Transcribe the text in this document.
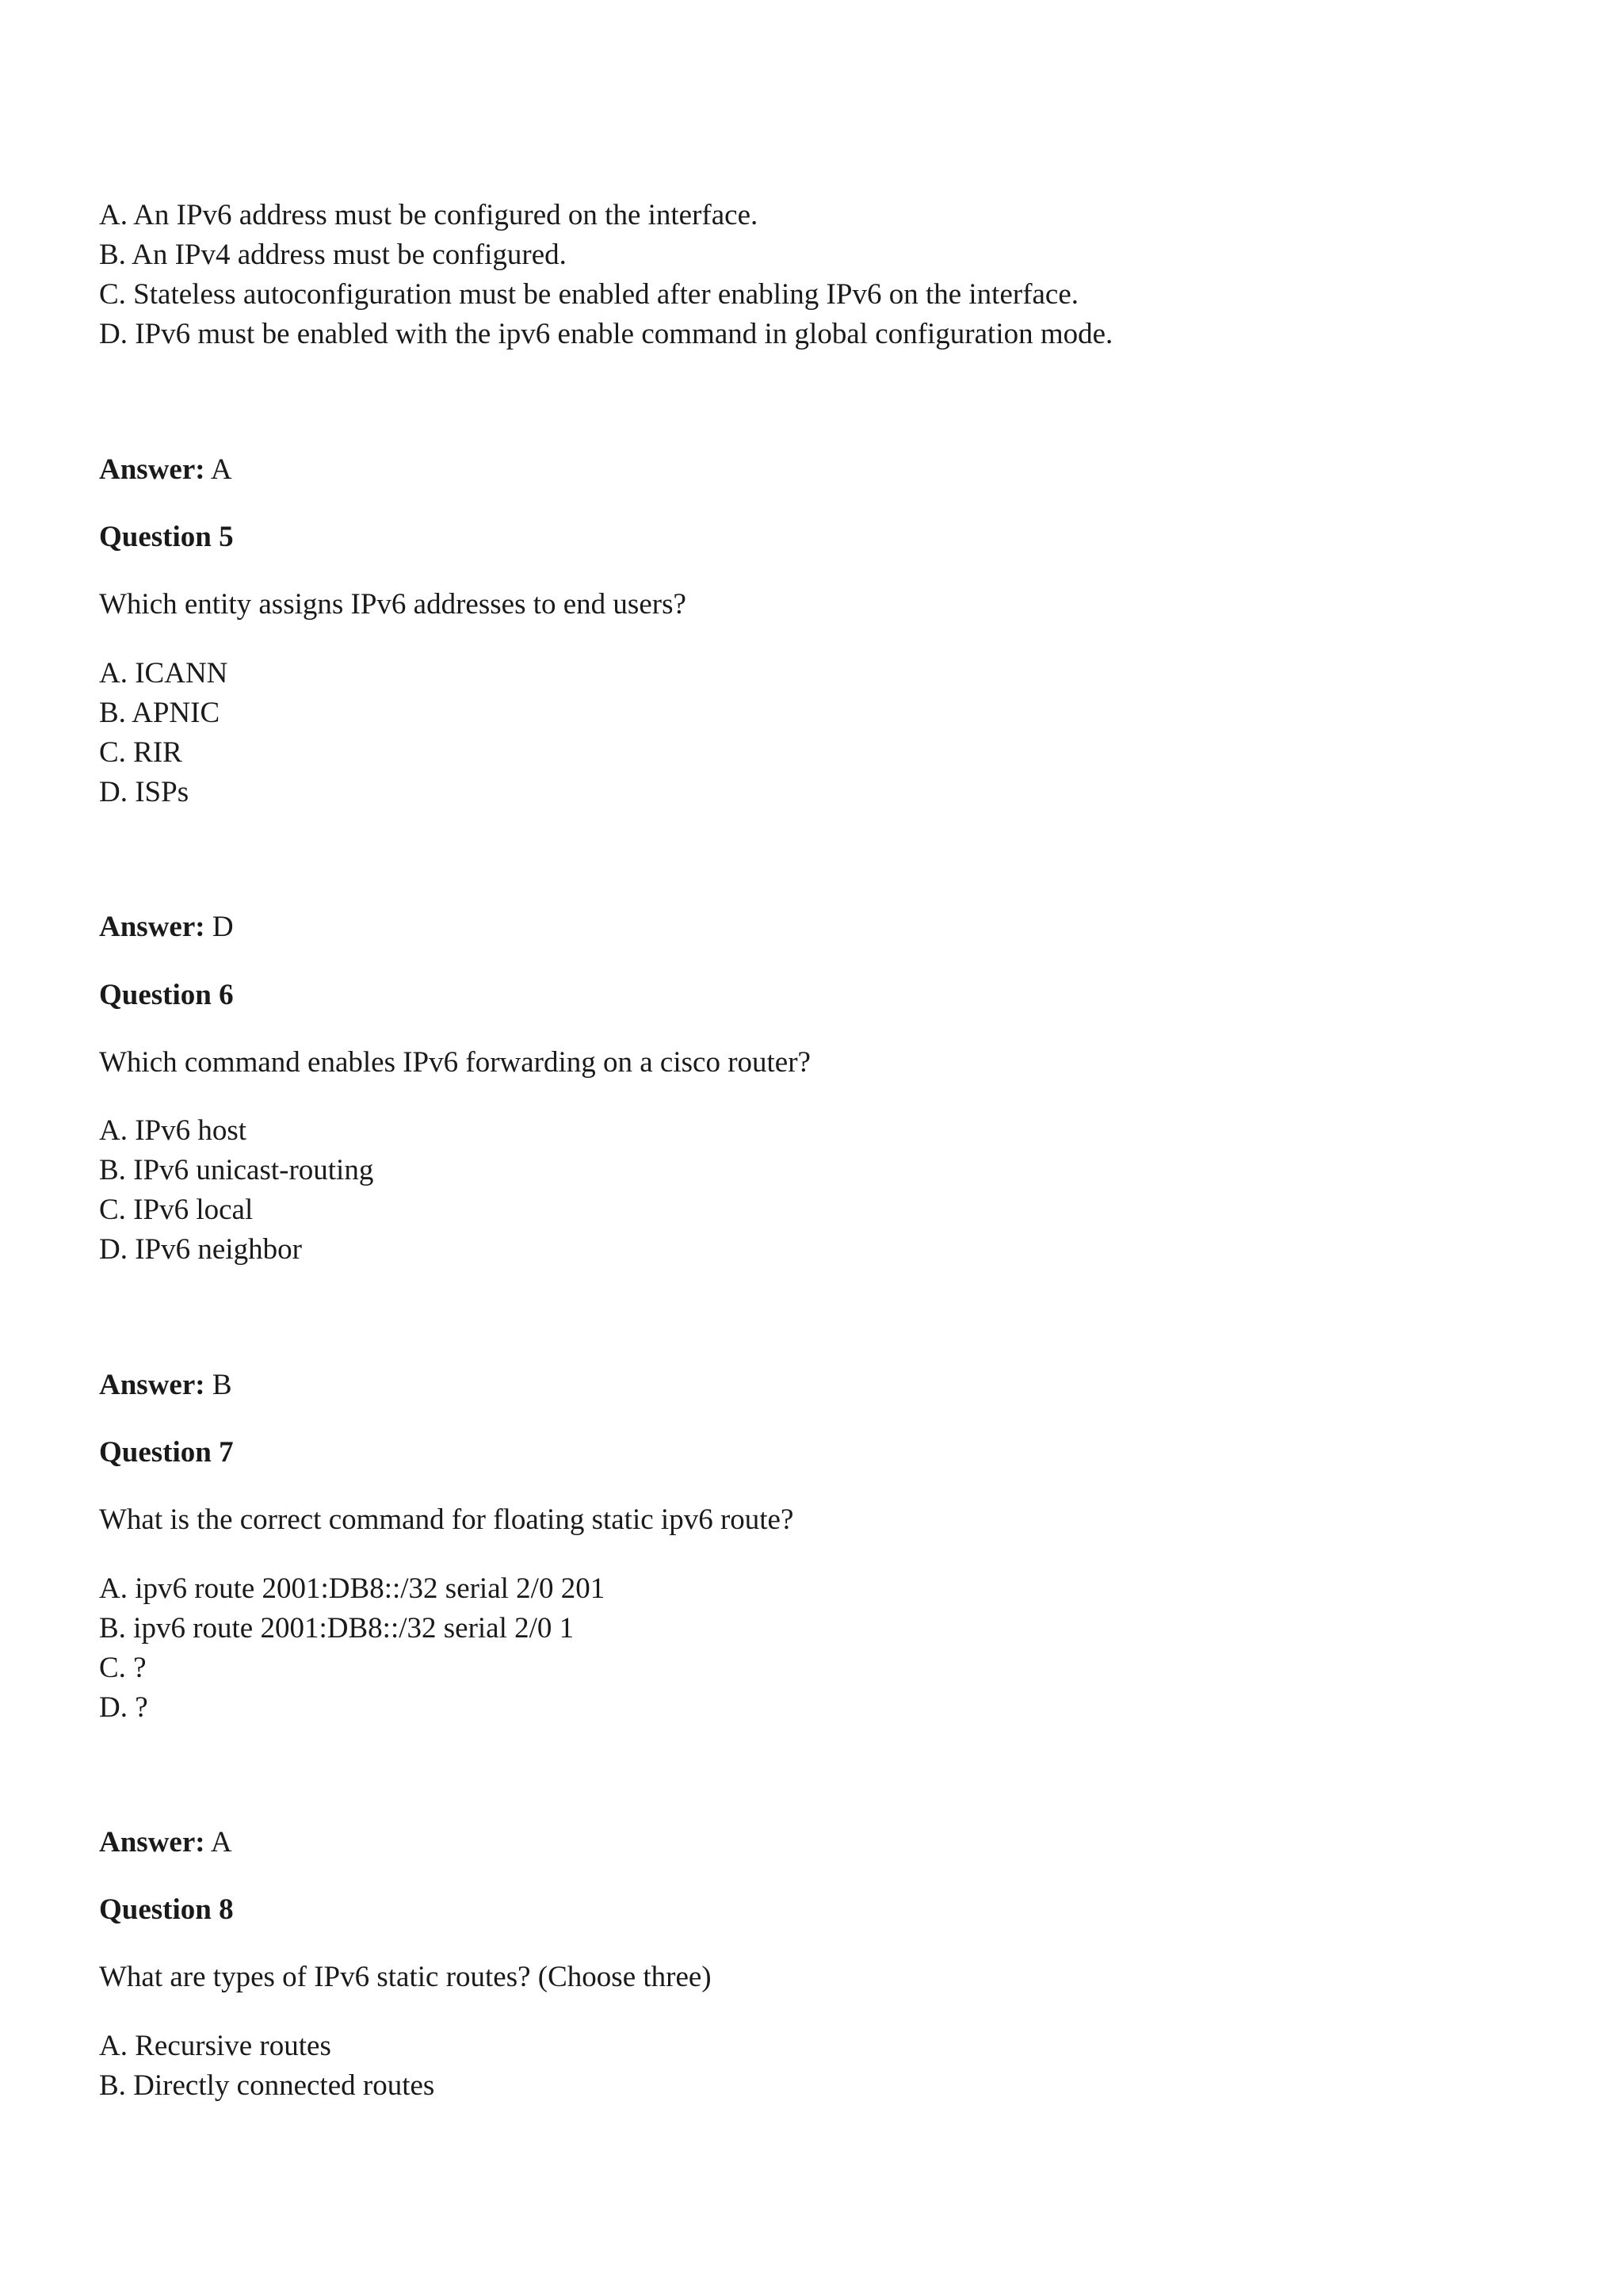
A. An IPv6 address must be configured on the interface.
B. An IPv4 address must be configured.
C. Stateless autoconfiguration must be enabled after enabling IPv6 on the interface.
D. IPv6 must be enabled with the ipv6 enable command in global configuration mode.
Answer: A
Question 5
Which entity assigns IPv6 addresses to end users?
A. ICANN
B. APNIC
C. RIR
D. ISPs
Answer: D
Question 6
Which command enables IPv6 forwarding on a cisco router?
A. IPv6 host
B. IPv6 unicast-routing
C. IPv6 local
D. IPv6 neighbor
Answer: B
Question 7
What is the correct command for floating static ipv6 route?
A. ipv6 route 2001:DB8::/32 serial 2/0 201
B. ipv6 route 2001:DB8::/32 serial 2/0 1
C. ?
D. ?
Answer: A
Question 8
What are types of IPv6 static routes? (Choose three)
A. Recursive routes
B. Directly connected routes
